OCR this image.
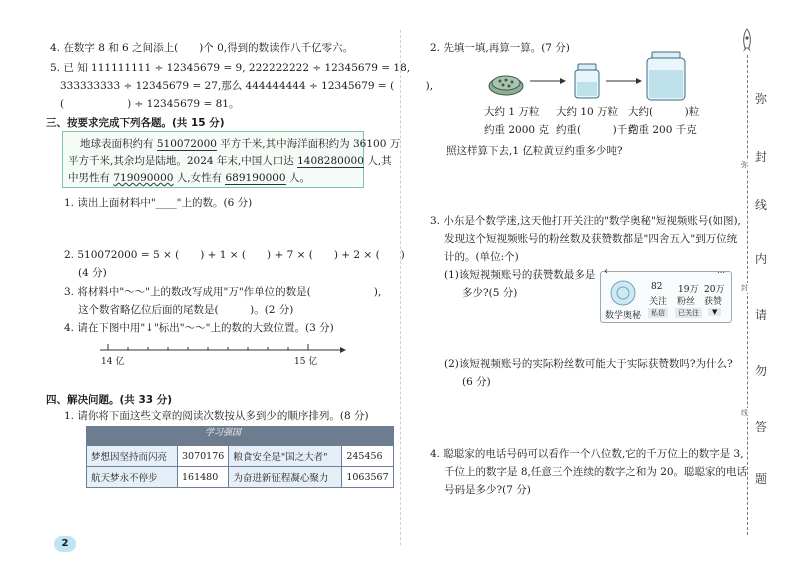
4. 在数字 8 和 6 之间添上(　　)个 0,得到的数读作八千亿零六。
5. 已 知 111111111 ÷ 12345679 = 9, 222222222 ÷ 12345679 = 18,
333333333 ÷ 12345679 = 27,那么 444444444 ÷ 12345679 = (　　　),
(　　　　　　) ÷ 12345679 = 81。
三、按要求完成下列各题。(共 15 分)
地球表面积约有 510072000 平方千米,其中海洋面积约为 36100 万
平方千米,其余均是陆地。2024 年末,中国人口达 1408280000 人,其
中男性有 719090000 人,女性有 689190000 人。
1. 读出上面材料中"____"上的数。(6 分)
2. 510072000 = 5 × (　　) + 1 × (　　) + 7 × (　　) + 2 × (　　)
(4 分)
3. 将材料中"～～"上的数改写成用"万"作单位的数是(　　　　　　),
这个数省略亿位后面的尾数是(　　　)。(2 分)
4. 请在下图中用"↓"标出"～～"上的数的大致位置。(3 分)
14 亿	15 亿
四、解决问题。(共 33 分)
1. 请你将下面这些文章的阅读次数按从多到少的顺序排列。(8 分)

梦想因坚持而闪亮	3070176	粮食安全是"国之大者"	245456
航天梦永不停步	161480	为奋进新征程凝心聚力	1063567
学习强国
2
2. 先填一填,再算一算。(7 分)
大约 1 万粒
约重 2000 克
大约 10 万粒
约重(　　　)千克
大约(　　　)粒
约重 200 千克
照这样算下去,1 亿粒黄豆约重多少吨?
3. 小东是个数学迷,这天他打开关注的"数学奥秘"短视频账号(如图),
发现这个短视频账号的粉丝数及获赞数都是"四舍五入"到万位统
计的。(单位:个)
(1)该短视频账号的获赞数最多是
多少?(5 分)
‹	…
82
关注
19万
粉丝
20万
获赞
数学奥秘	私信	已关注	▼
(2)该短视频账号的实际粉丝数可能大于实际获赞数吗?为什么?
(6 分)
4. 聪聪家的电话号码可以看作一个八位数,它的千万位上的数字是 3,
千位上的数字是 8,任意三个连续的数字之和为 20。聪聪家的电话
号码是多少?(7 分)
弥
封
线
内
请
勿
答
题
弥
封
线
